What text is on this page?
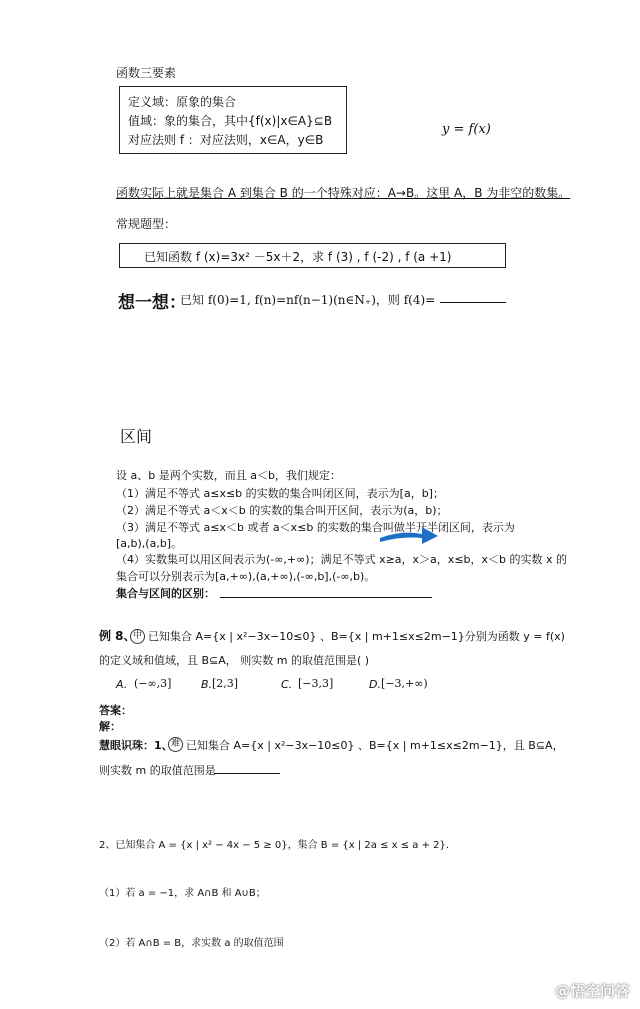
函数三要素
定义域：原象的集合
值域：象的集合，其中{f(x)|x∈A}⊆B
对应法则 f ：对应法则，x∈A，y∈B
y = f(x)
函数实际上就是集合 A 到集合 B 的一个特殊对应：A→B。这里 A，B 为非空的数集。
常规题型：
已知函数 f (x)=3x² －5x＋2，求 f (3) , f (-2) , f (a +1)
想一想：
已知 f(0)=1, f(n)=nf(n−1)(n∈N₊)，则 f(4)=
区间
设 a、b 是两个实数，而且 a＜b，我们规定：
（1）满足不等式 a≤x≤b 的实数的集合叫闭区间，表示为[a，b]；
（2）满足不等式 a＜x＜b 的实数的集合叫开区间，表示为(a，b)；
（3）满足不等式 a≤x＜b 或者 a＜x≤b 的实数的集合叫做半开半闭区间，表示为
[a,b),(a,b]。
（4）实数集可以用区间表示为(-∞,+∞)；满足不等式 x≥a，x＞a，x≤b，x＜b 的实数 x 的
集合可以分别表示为[a,+∞),(a,+∞),(-∞,b],(-∞,b)。
集合与区间的区别：
例 8、
中 已知集合 A={x | x²−3x−10≤0} 、B={x | m+1≤x≤2m−1}分别为函数 y = f(x)
的定义域和值域，且 B⊆A， 则实数 m 的取值范围是( )
A. (−∞,3]	B. [2,3]	C. [−3,3]	D. [−3,+∞)
答案：
解：
慧眼识珠：1、
难 已知集合 A={x | x²−3x−10≤0} 、B={x | m+1≤x≤2m−1}，且 B⊆A，
则实数 m 的取值范围是
2、已知集合 A = {x | x² − 4x − 5 ≥ 0}，集合 B = {x | 2a ≤ x ≤ a + 2}.
（1）若 a = −1，求 A∩B 和 A∪B；
（2）若 A∩B = B，求实数 a 的取值范围
@悟空问答
